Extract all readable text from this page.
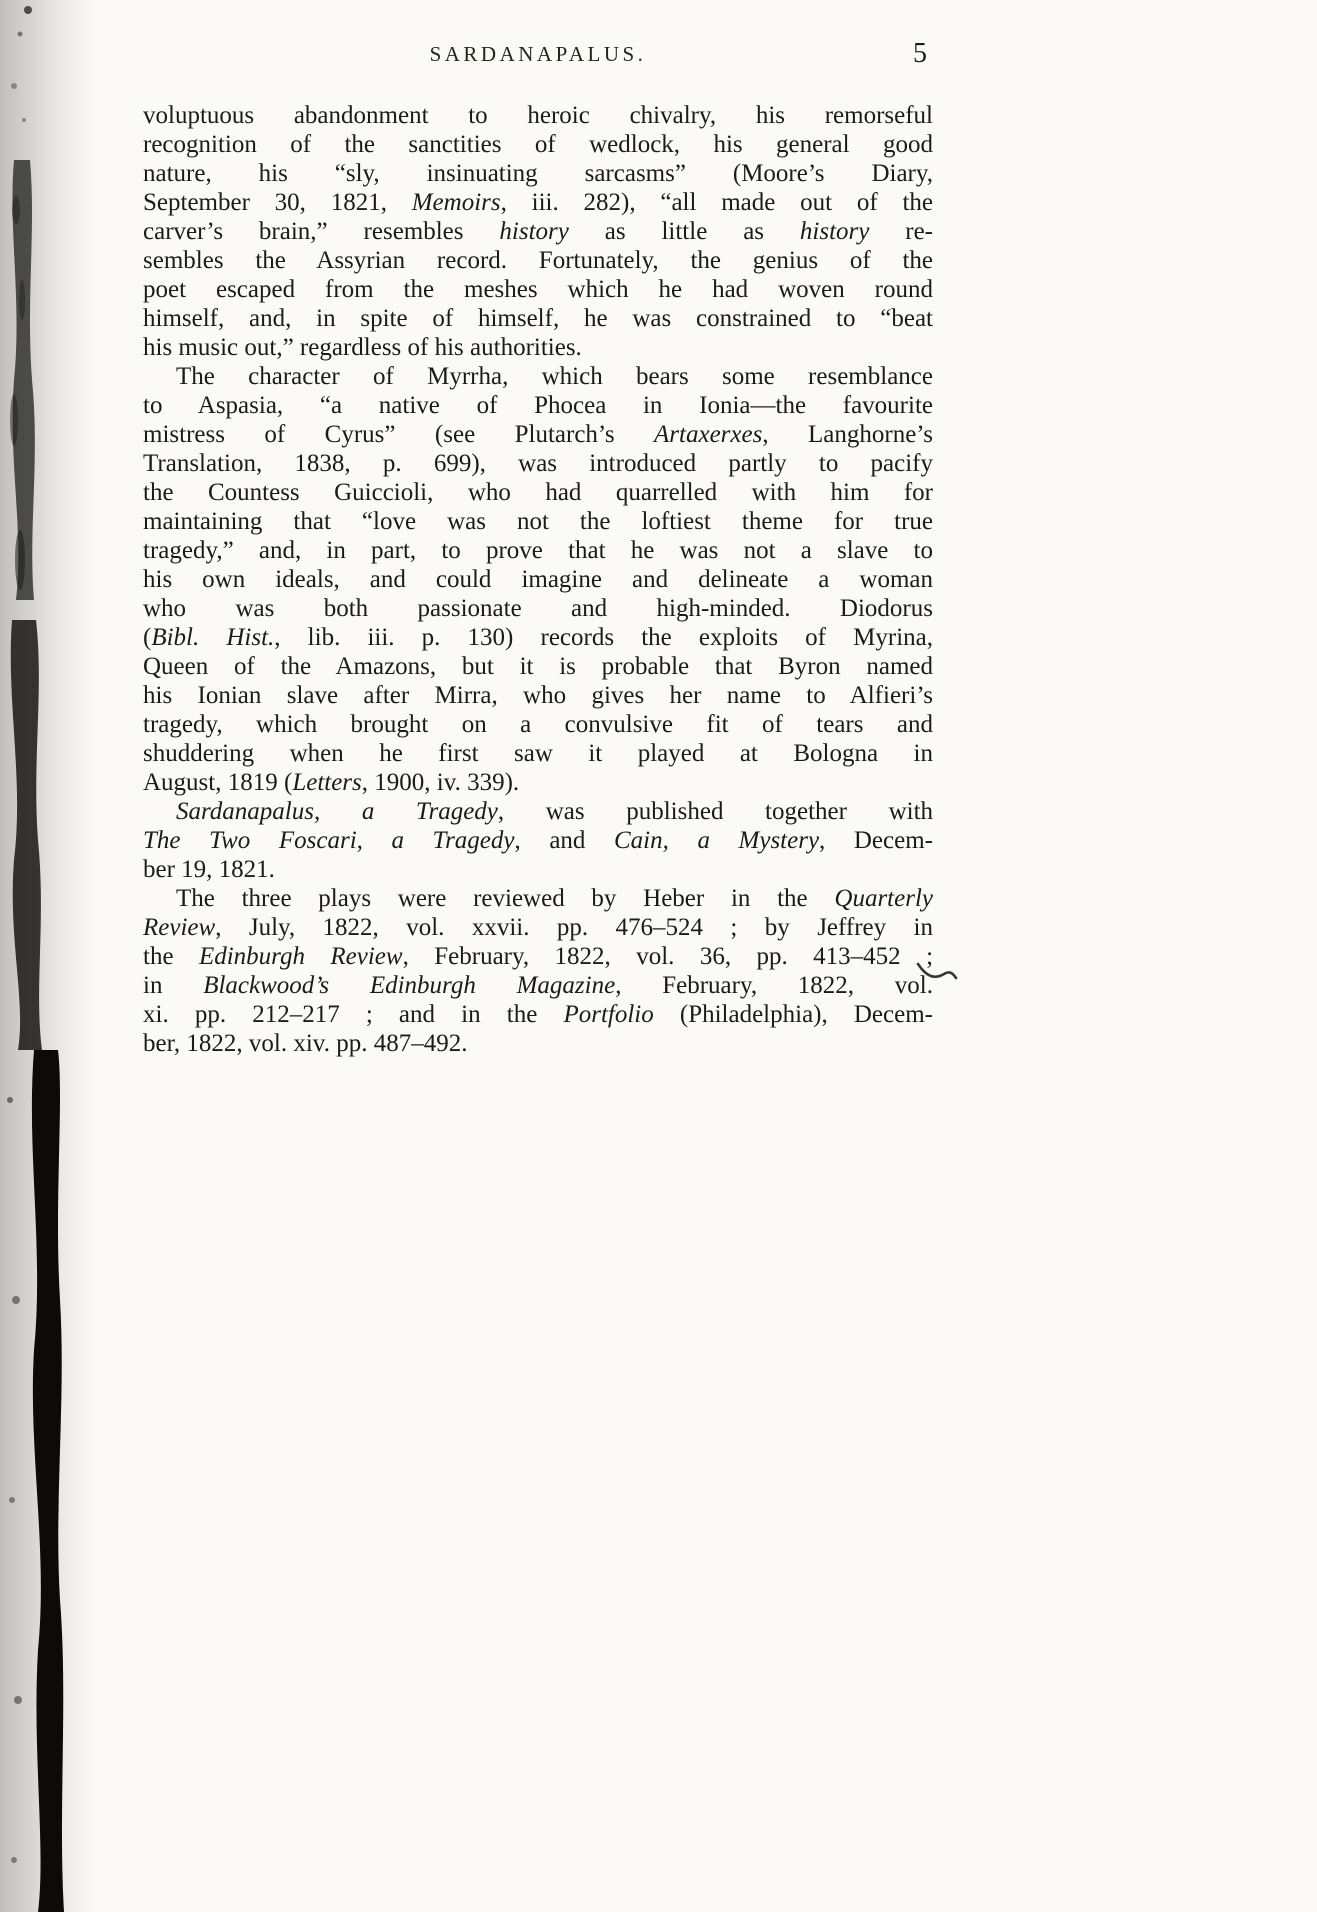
SARDANAPALUS.	5
voluptuous abandonment to heroic chivalry, his remorseful
recognition of the sanctities of wedlock, his general good
nature, his “sly, insinuating sarcasms” (Moore’s Diary,
September 30, 1821, Memoirs, iii. 282), “all made out of the
carver’s brain,” resembles history as little as history re-
sembles the Assyrian record. Fortunately, the genius of the
poet escaped from the meshes which he had woven round
himself, and, in spite of himself, he was constrained to “beat
his music out,” regardless of his authorities.
The character of Myrrha, which bears some resemblance
to Aspasia, “a native of Phocea in Ionia—the favourite
mistress of Cyrus” (see Plutarch’s Artaxerxes, Langhorne’s
Translation, 1838, p. 699), was introduced partly to pacify
the Countess Guiccioli, who had quarrelled with him for
maintaining that “love was not the loftiest theme for true
tragedy,” and, in part, to prove that he was not a slave to
his own ideals, and could imagine and delineate a woman
who was both passionate and high-minded. Diodorus
(Bibl. Hist., lib. iii. p. 130) records the exploits of Myrina,
Queen of the Amazons, but it is probable that Byron named
his Ionian slave after Mirra, who gives her name to Alfieri’s
tragedy, which brought on a convulsive fit of tears and
shuddering when he first saw it played at Bologna in
August, 1819 (Letters, 1900, iv. 339).
Sardanapalus, a Tragedy, was published together with
The Two Foscari, a Tragedy, and Cain, a Mystery, Decem-
ber 19, 1821.
The three plays were reviewed by Heber in the Quarterly
Review, July, 1822, vol. xxvii. pp. 476–524 ; by Jeffrey in
the Edinburgh Review, February, 1822, vol. 36, pp. 413–452 ;
in Blackwood’s Edinburgh Magazine, February, 1822, vol.
xi. pp. 212–217 ; and in the Portfolio (Philadelphia), Decem-
ber, 1822, vol. xiv. pp. 487–492.
